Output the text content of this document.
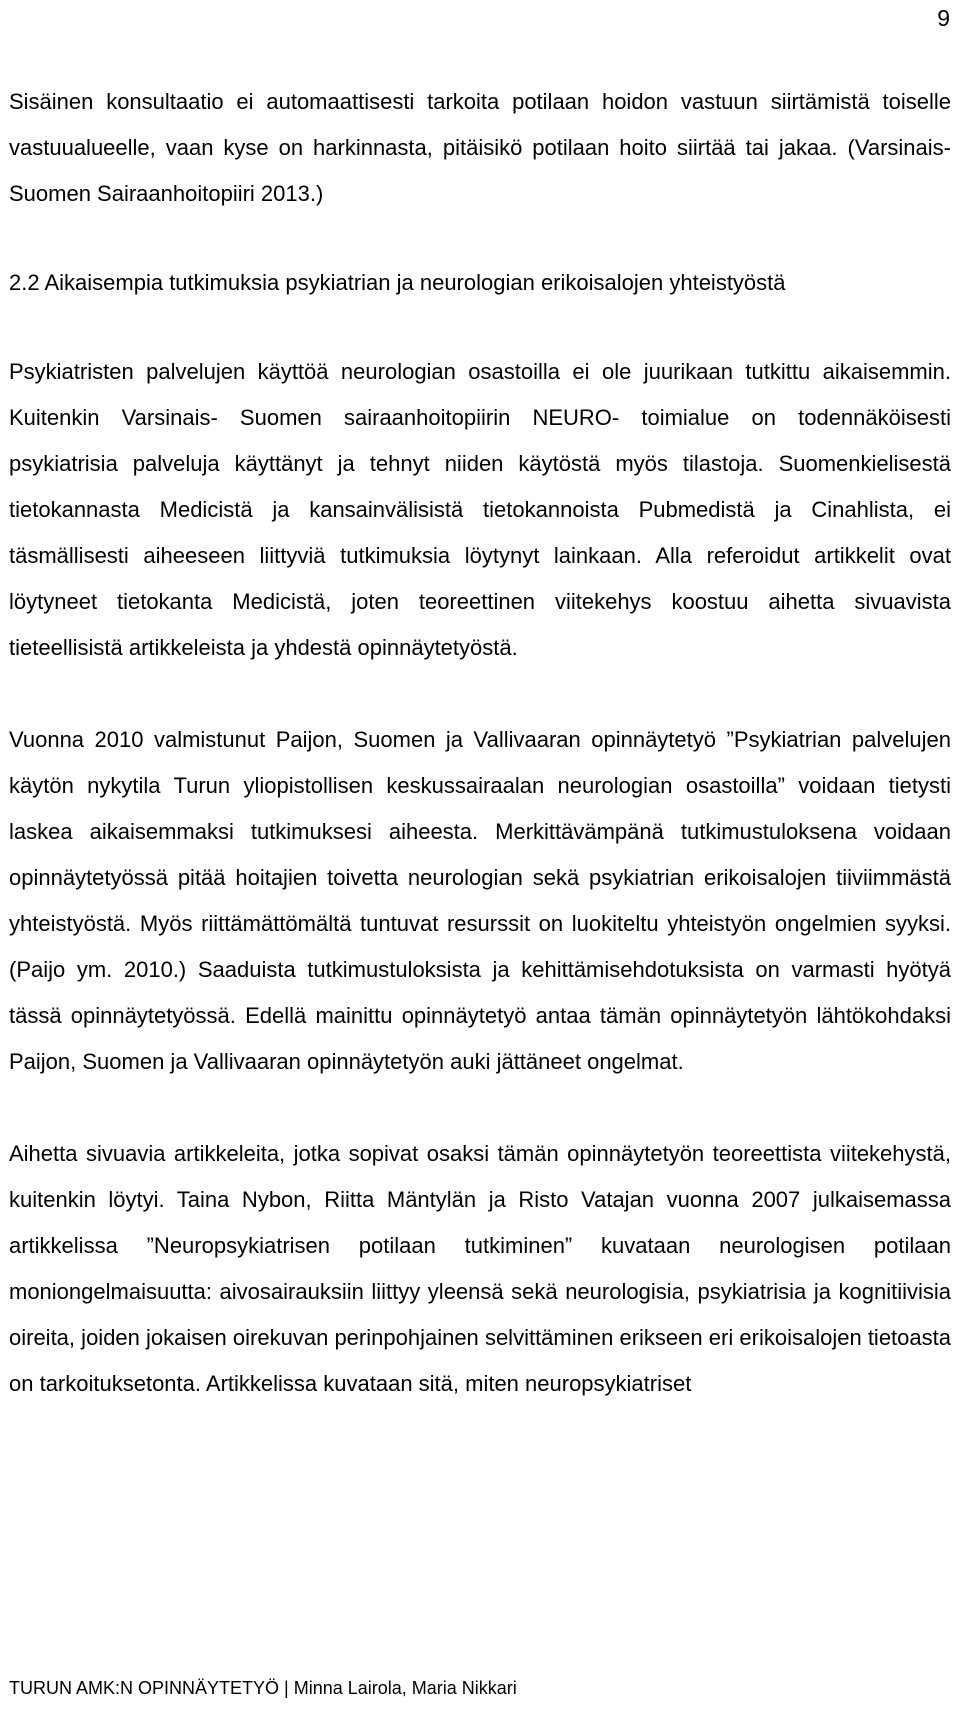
9

Sisäinen konsultaatio ei automaattisesti tarkoita potilaan hoidon vastuun siirtämistä toiselle vastuualueelle, vaan kyse on harkinnasta, pitäisikö potilaan hoito siirtää tai jakaa. (Varsinais-Suomen Sairaanhoitopiiri 2013.)

2.2 Aikaisempia tutkimuksia psykiatrian ja neurologian erikoisalojen yhteistyöstä

Psykiatristen palvelujen käyttöä neurologian osastoilla ei ole juurikaan tutkittu aikaisemmin. Kuitenkin Varsinais- Suomen sairaanhoitopiirin NEURO- toimialue on todennäköisesti psykiatrisia palveluja käyttänyt ja tehnyt niiden käytöstä myös tilastoja. Suomenkielisestä tietokannasta Medicistä ja kansainvälisistä tietokannoista Pubmedistä ja Cinahlista, ei täsmällisesti aiheeseen liittyviä tutkimuksia löytynyt lainkaan. Alla referoidut artikkelit ovat löytyneet tietokanta Medicistä, joten teoreettinen viitekehys koostuu aihetta sivuavista tieteellisistä artikkeleista ja yhdestä opinnäytetyöstä.

Vuonna 2010 valmistunut Paijon, Suomen ja Vallivaaran opinnäytetyö ”Psykiatrian palvelujen käytön nykytila Turun yliopistollisen keskussairaalan neurologian osastoilla” voidaan tietysti laskea aikaisemmaksi tutkimuksesi aiheesta. Merkittävämpänä tutkimustuloksena voidaan opinnäytetyössä pitää hoitajien toivetta neurologian sekä psykiatrian erikoisalojen tiiviimmästä yhteistyöstä. Myös riittämättömältä tuntuvat resurssit on luokiteltu yhteistyön ongelmien syyksi. (Paijo ym. 2010.) Saaduista tutkimustuloksista ja kehittämisehdotuksista on varmasti hyötyä tässä opinnäytetyössä. Edellä mainittu opinnäytetyö antaa tämän opinnäytetyön lähtökohdaksi Paijon, Suomen ja Vallivaaran opinnäytetyön auki jättäneet ongelmat.

Aihetta sivuavia artikkeleita, jotka sopivat osaksi tämän opinnäytetyön teoreettista viitekehystä, kuitenkin löytyi. Taina Nybon, Riitta Mäntylän ja Risto Vatajan vuonna 2007 julkaisemassa artikkelissa ”Neuropsykiatrisen potilaan tutkiminen” kuvataan neurologisen potilaan moniongelmaisuutta: aivosairauksiin liittyy yleensä sekä neurologisia, psykiatrisia ja kognitiivisia oireita, joiden jokaisen oirekuvan perinpohjainen selvittäminen erikseen eri erikoisalojen tietoasta on tarkoituksetonta. Artikkelissa kuvataan sitä, miten neuropsykiatriset

TURUN AMK:N OPINNÄYTETYÖ | Minna Lairola, Maria Nikkari
